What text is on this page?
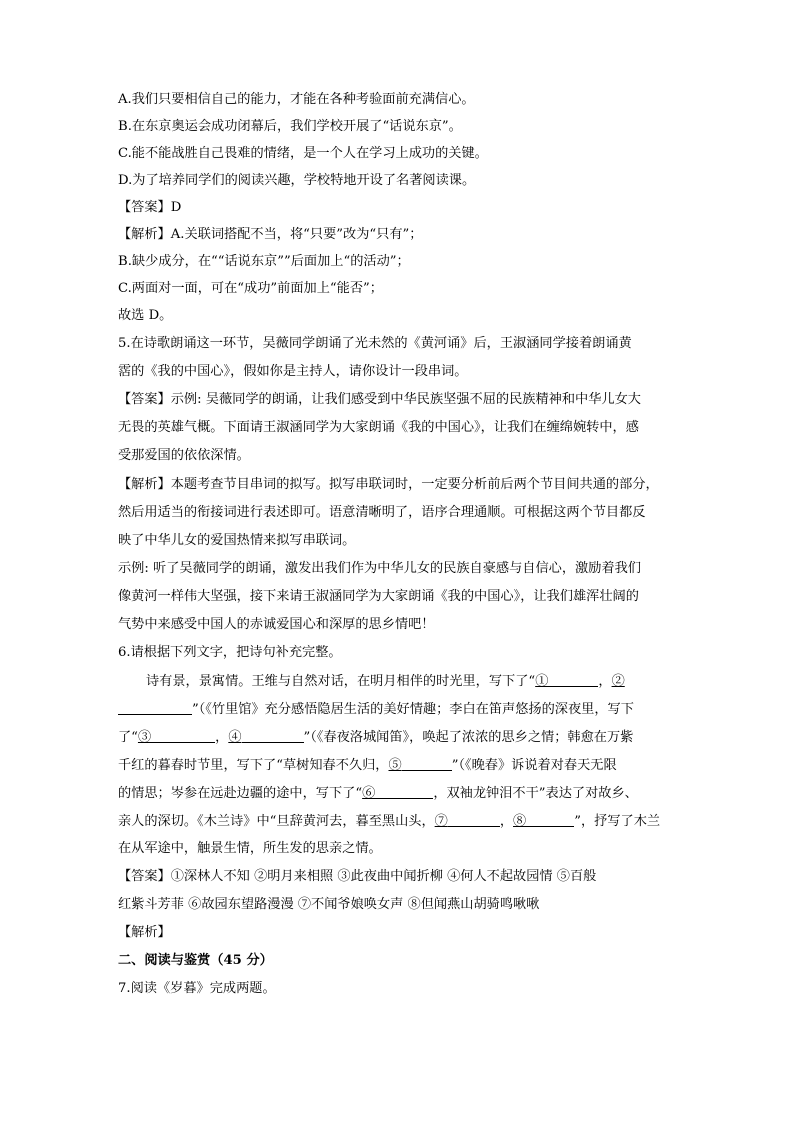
A.我们只要相信自己的能力，才能在各种考验面前充满信心。
B.在东京奥运会成功闭幕后，我们学校开展了“话说东京”。
C.能不能战胜自己畏难的情绪，是一个人在学习上成功的关键。
D.为了培养同学们的阅读兴趣，学校特地开设了名著阅读课。
【答案】D
【解析】A.关联词搭配不当，将“只要”改为“只有”；
B.缺少成分，在““话说东京””后面加上“的活动”；
C.两面对一面，可在“成功”前面加上“能否”；
故选 D。
5.在诗歌朗诵这一环节，吴薇同学朗诵了光未然的《黄河诵》后，王淑涵同学接着朗诵黄
霑的《我的中国心》，假如你是主持人，请你设计一段串词。
【答案】示例: 吴薇同学的朗诵，让我们感受到中华民族坚强不屈的民族精神和中华儿女大
无畏的英雄气概。下面请王淑涵同学为大家朗诵《我的中国心》，让我们在缠绵婉转中，感
受那爱国的依依深情。
【解析】本题考查节目串词的拟写。拟写串联词时，一定要分析前后两个节目间共通的部分，
然后用适当的衔接词进行表述即可。语意清晰明了，语序合理通顺。可根据这两个节目都反
映了中华儿女的爱国热情来拟写串联词。
示例: 听了吴薇同学的朗诵，激发出我们作为中华儿女的民族自豪感与自信心，激励着我们
像黄河一样伟大坚强，接下来请王淑涵同学为大家朗诵《我的中国心》，让我们雄浑壮阔的
气势中来感受中国人的赤诚爱国心和深厚的思乡情吧！
6.请根据下列文字，把诗句补充完整。
诗有景，景寓情。王维与自然对话，在明月相伴的时光里，写下了“①	，②
”（《竹里馆》充分感悟隐居生活的美好情趣；李白在笛声悠扬的深夜里，写下
了“③	，④	”（《春夜洛城闻笛》，唤起了浓浓的思乡之情；韩愈在万紫
千红的暮春时节里，写下了“草树知春不久归，⑤	”（《晚春》诉说着对春天无限
的情思；岑参在远赴边疆的途中，写下了“⑥	，双袖龙钟泪不干”表达了对故乡、
亲人的深切。《木兰诗》中“旦辞黄河去，暮至黑山头，⑦	，⑧	”，抒写了木兰
在从军途中，触景生情，所生发的思亲之情。
【答案】①深林人不知 ②明月来相照 ③此夜曲中闻折柳 ④何人不起故园情 ⑤百般
红紫斗芳菲 ⑥故园东望路漫漫 ⑦不闻爷娘唤女声 ⑧但闻燕山胡骑鸣啾啾
【解析】
二、阅读与鉴赏（45 分）
7.阅读《岁暮》完成两题。
